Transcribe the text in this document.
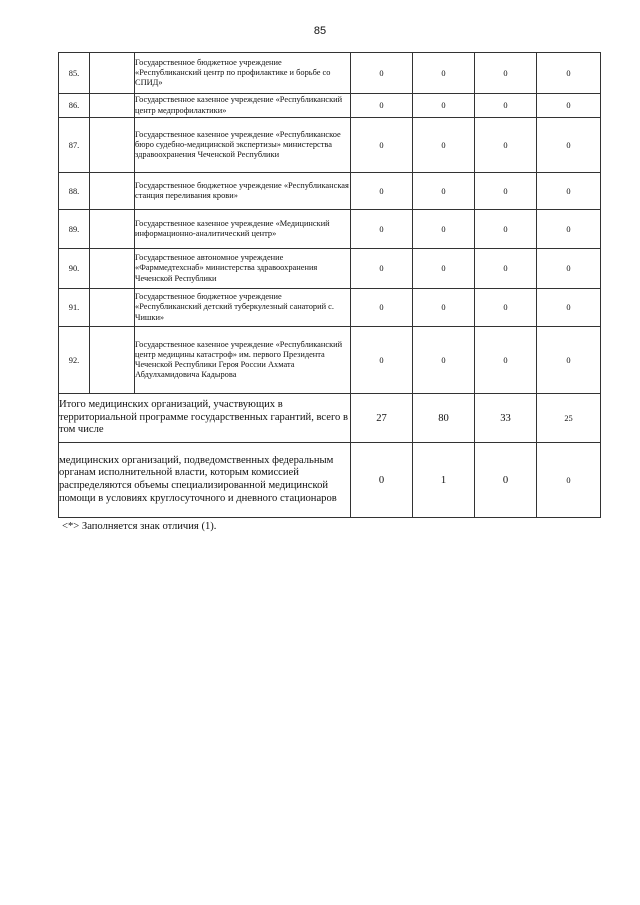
85
85.		Государственное бюджетное учреждение «Республиканский центр по профилактике и борьбе со СПИД»	0	0	0	0
86.		Государственное казенное учреждение «Республиканский центр медпрофилактики»	0	0	0	0
87.		Государственное казенное учреждение «Республиканское бюро судебно-медицинской экспертизы» министерства здравоохранения Чеченской Республики	0	0	0	0
88.		Государственное бюджетное учреждение «Республиканская станция переливания крови»	0	0	0	0
89.		Государственное казенное учреждение «Медицинский информационно-аналитический центр»	0	0	0	0
90.		Государственное автономное учреждение «Фарммедтехснаб» министерства здравоохранения Чеченской Республики	0	0	0	0
91.		Государственное бюджетное учреждение «Республиканский детский туберкулезный санаторий с. Чишки»	0	0	0	0
92.		Государственное казенное учреждение «Республиканский центр медицины катастроф» им. первого Президента Чеченской Республики Героя России Ахмата Абдулхамидовича Кадырова	0	0	0	0
Итого медицинских организаций, участвующих в территориальной программе государственных гарантий, всего в том числе			27	80	33	25
медицинских организаций, подведомственных федеральным органам исполнительной власти, которым комиссией распределяются объемы специализированной медицинской помощи в условиях круглосуточного и дневного стационаров			0	1	0	0
<*> Заполняется знак отличия (1).
